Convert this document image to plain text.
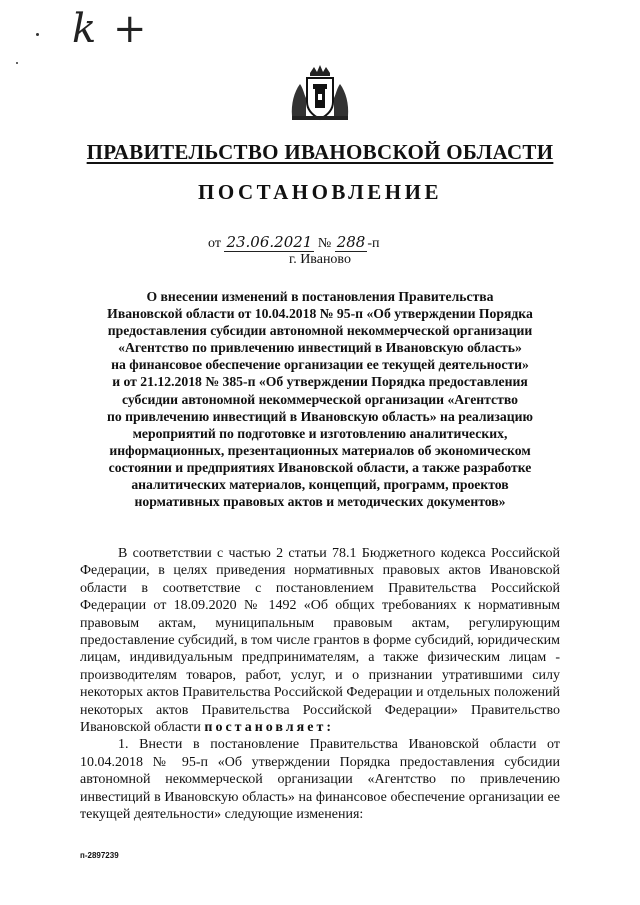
k +
ПРАВИТЕЛЬСТВО ИВАНОВСКОЙ ОБЛАСТИ
ПОСТАНОВЛЕНИЕ
от 23.06.2021 № 288 -п
г. Иваново
О внесении изменений в постановления Правительства
Ивановской области от 10.04.2018 № 95-п «Об утверждении Порядка
предоставления субсидии автономной некоммерческой организации
«Агентство по привлечению инвестиций в Ивановскую область»
на финансовое обеспечение организации ее текущей деятельности»
и от 21.12.2018 № 385-п «Об утверждении Порядка предоставления
субсидии автономной некоммерческой организации «Агентство
по привлечению инвестиций в Ивановскую область» на реализацию
мероприятий по подготовке и изготовлению аналитических,
информационных, презентационных материалов об экономическом
состоянии и предприятиях Ивановской области, а также разработке
аналитических материалов, концепций, программ, проектов
нормативных правовых актов и методических документов»

В соответствии с частью 2 статьи 78.1 Бюджетного кодекса Российской Федерации, в целях приведения нормативных правовых актов Ивановской области в соответствие с постановлением Правительства Российской Федерации от 18.09.2020 № 1492 «Об общих требованиях к нормативным правовым актам, муниципальным правовым актам, регулирующим предоставление субсидий, в том числе грантов в форме субсидий, юридическим лицам, индивидуальным предпринимателям, а также физическим лицам - производителям товаров, работ, услуг, и о признании утратившими силу некоторых актов Правительства Российской Федерации и отдельных положений некоторых актов Правительства Российской Федерации» Правительство Ивановской области постановляет:

1. Внести в постановление Правительства Ивановской области от 10.04.2018 № 95-п «Об утверждении Порядка предоставления субсидии автономной некоммерческой организации «Агентство по привлечению инвестиций в Ивановскую область» на финансовое обеспечение организации ее текущей деятельности» следующие изменения:

п-2897239
